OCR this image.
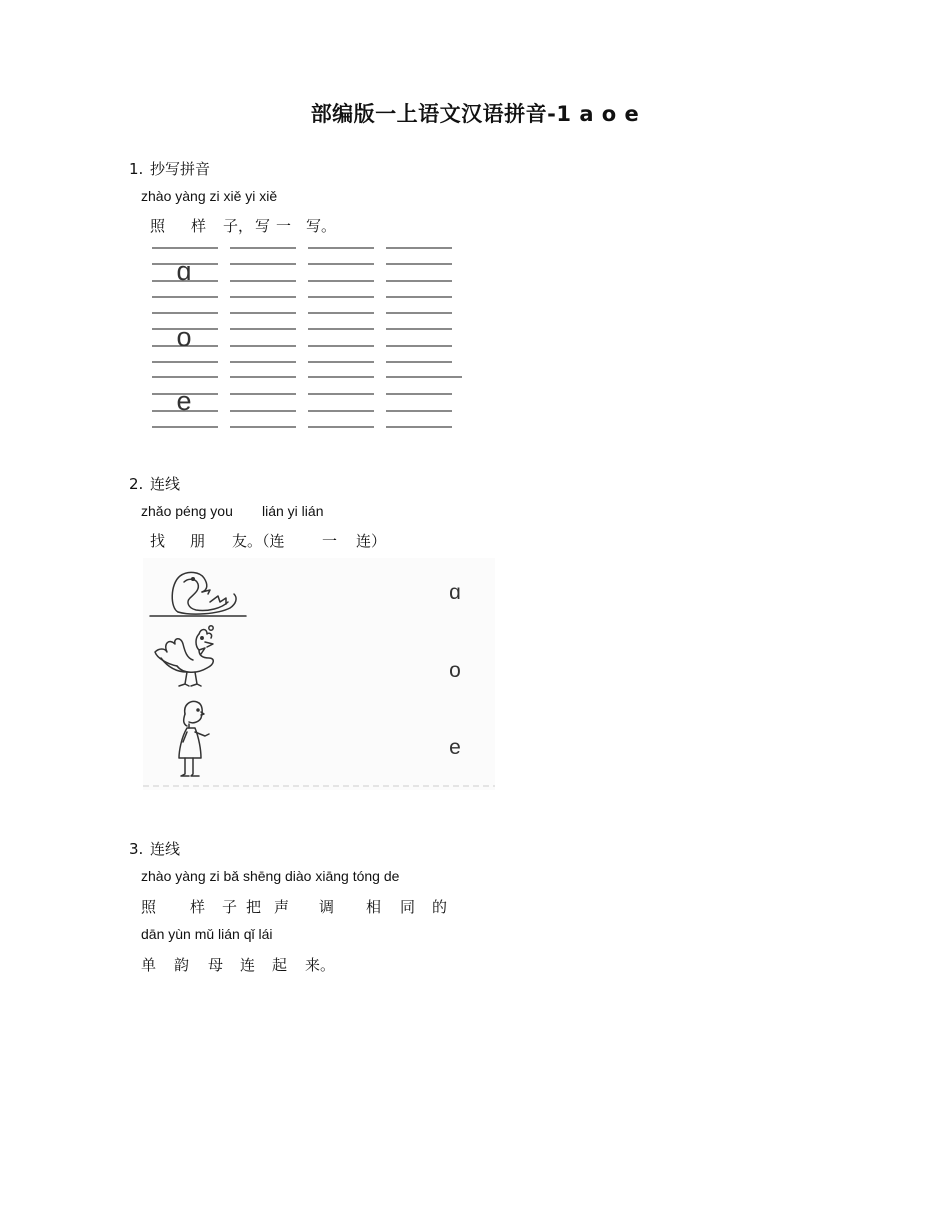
部编版一上语文汉语拼音-1 a o e
1. 抄写拼音
zhào yàng zi xiě yi xiě
照 样 子， 写 一 写。
ɑ
o
e
2. 连线
zhǎo péng you lián yi lián
找 朋 友。（连 一 连）
ɑ
o
e
3. 连线
zhào yàng zi bǎ shēng diào xiāng tóng de
照 样 子 把 声 调 相 同 的
dān yùn mǔ lián qǐ lái
单 韵 母 连 起 来。
